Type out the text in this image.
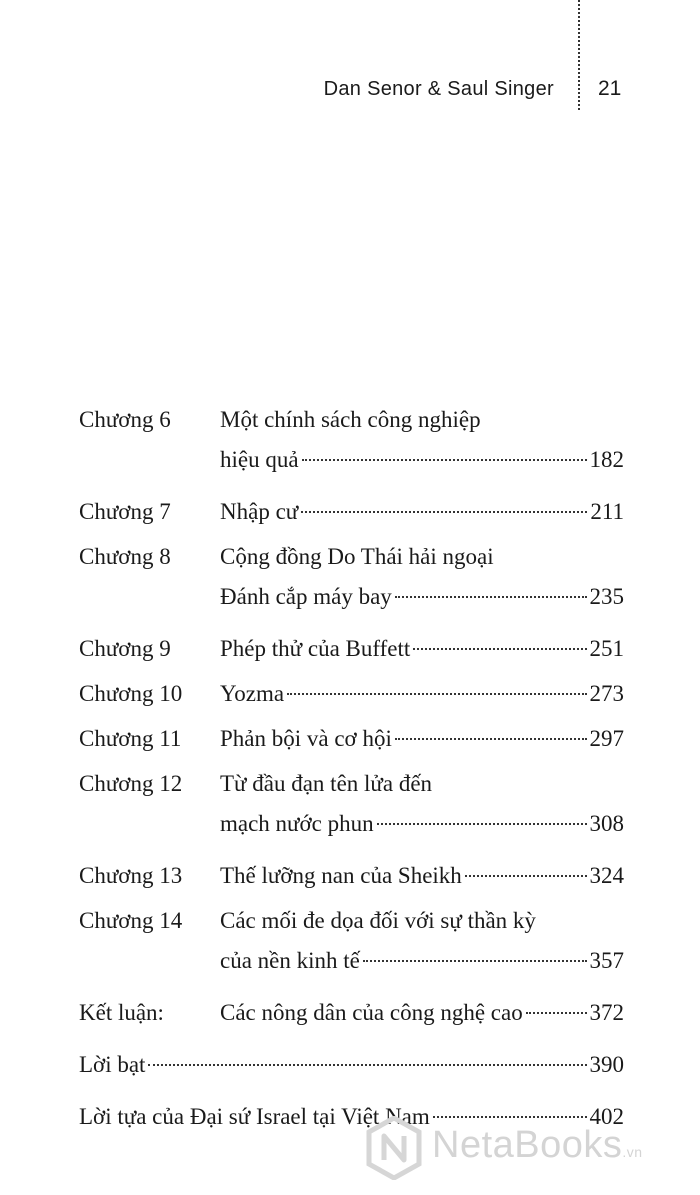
Dan Senor & Saul Singer 21
Chương 6	Một chính sách công nghiệp
hiệu quả	182
Chương 7	Nhập cư	211
Chương 8	Cộng đồng Do Thái hải ngoại
Đánh cắp máy bay	235
Chương 9	Phép thử của Buffett	251
Chương 10	Yozma	273
Chương 11	Phản bội và cơ hội	297
Chương 12	Từ đầu đạn tên lửa đến
mạch nước phun	308
Chương 13	Thế lưỡng nan của Sheikh	324
Chương 14	Các mối đe dọa đối với sự thần kỳ
của nền kinh tế	357
Kết luận:	Các nông dân của công nghệ cao	372
Lời bạt	390
Lời tựa của Đại sứ Israel tại Việt Nam	402
NetaBooks.vn
